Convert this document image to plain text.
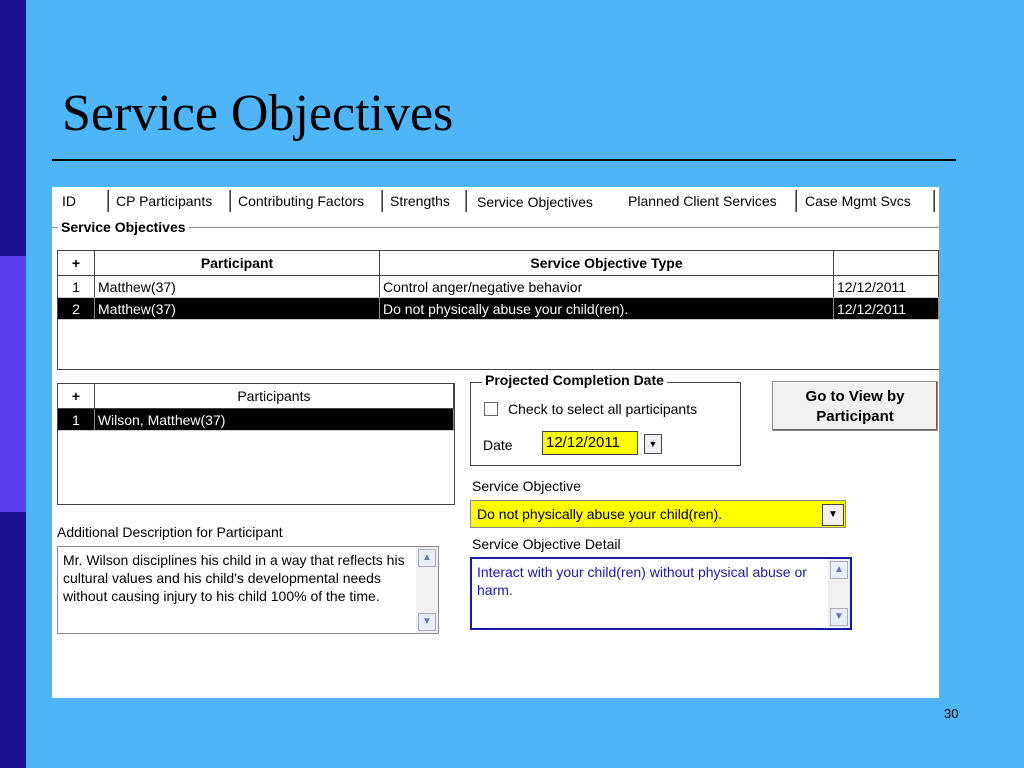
Service Objectives
ID	CP Participants	Contributing Factors	Strengths	Service Objectives	Planned Client Services	Case Mgmt Svcs
Service Objectives
+	Participant	Service Objective Type	
1	Matthew(37)	Control anger/negative behavior	12/12/2011
2	Matthew(37)	Do not physically abuse your child(ren).	12/12/2011
+	Participants
1	Wilson, Matthew(37)
Additional Description for Participant
Mr. Wilson disciplines his child in a way that reflects his cultural values and his child's developmental needs without causing injury to his child 100% of the time.
▲
▼
Projected Completion Date
Check to select all participants
Date 12/12/2011	▼
Go to View by
Participant
Service Objective
Do not physically abuse your child(ren).	▼
Service Objective Detail
Interact with your child(ren) without physical abuse or harm.
▲
▼
30
